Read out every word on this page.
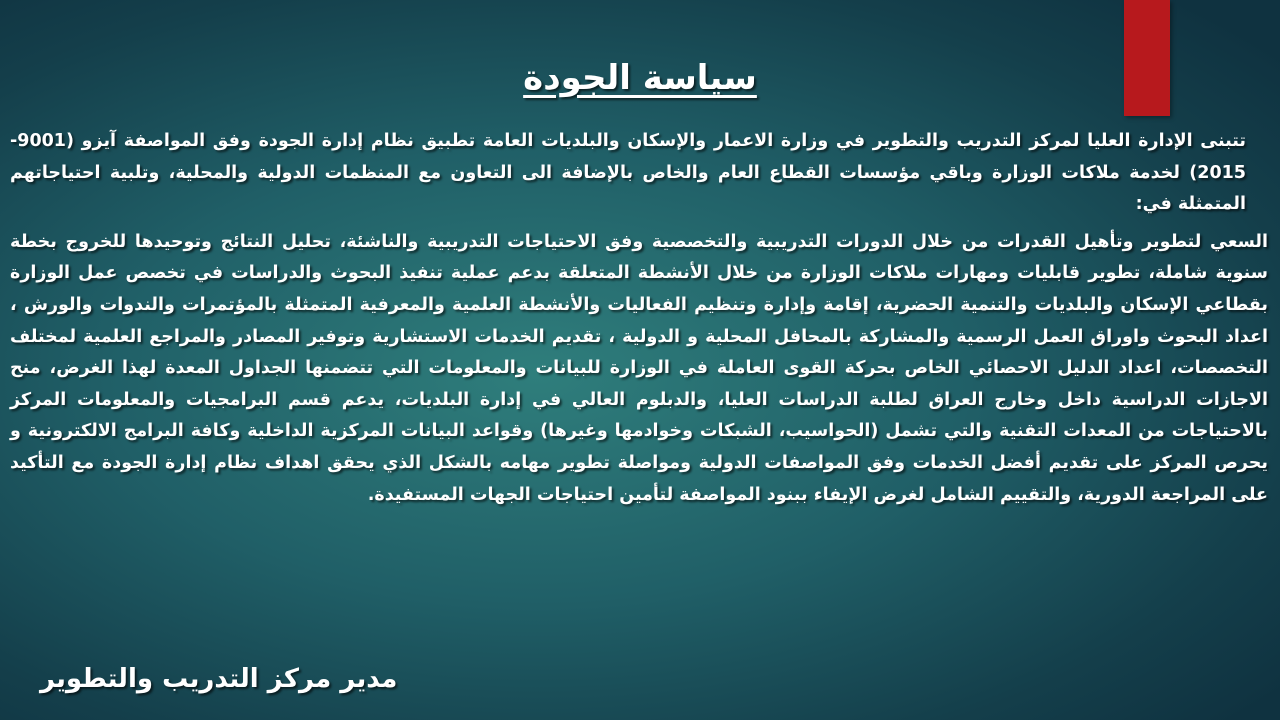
سياسة الجودة

تتبنى الإدارة العليا لمركز التدريب والتطوير في وزارة الاعمار والإسكان والبلديات العامة تطبيق نظام إدارة الجودة وفق المواصفة آيزو (9001-2015) لخدمة ملاكات الوزارة وباقي مؤسسات القطاع العام والخاص بالإضافة الى التعاون مع المنظمات الدولية والمحلية، وتلبية احتياجاتهم المتمثلة في:

السعي لتطوير وتأهيل القدرات من خلال الدورات التدريبية والتخصصية وفق الاحتياجات التدريبية والناشئة، تحليل النتائج وتوحيدها للخروج بخطة سنوية شاملة، تطوير قابليات ومهارات ملاكات الوزارة من خلال الأنشطة المتعلقة بدعم عملية تنفيذ البحوث والدراسات في تخصص عمل الوزارة بقطاعي الإسكان والبلديات والتنمية الحضرية، إقامة وإدارة وتنظيم الفعاليات والأنشطة العلمية والمعرفية المتمثلة بالمؤتمرات والندوات والورش ، اعداد البحوث واوراق العمل الرسمية والمشاركة بالمحافل المحلية و الدولية ، تقديم الخدمات الاستشارية وتوفير المصادر والمراجع العلمية لمختلف التخصصات، اعداد الدليل الاحصائي الخاص بحركة القوى العاملة في الوزارة للبيانات والمعلومات التي تتضمنها الجداول المعدة لهذا الغرض، منح الاجازات الدراسية داخل وخارج العراق لطلبة الدراسات العليا، والدبلوم العالي في إدارة البلديات، يدعم قسم البرامجيات والمعلومات المركز بالاحتياجات من المعدات التقنية والتي تشمل (الحواسيب، الشبكات وخوادمها وغيرها) وقواعد البيانات المركزية الداخلية وكافة البرامج الالكترونية و يحرص المركز على تقديم أفضل الخدمات وفق المواصفات الدولية ومواصلة تطوير مهامه بالشكل الذي يحقق اهداف نظام إدارة الجودة مع التأكيد على المراجعة الدورية، والتقييم الشامل لغرض الإيفاء ببنود المواصفة لتأمين احتياجات الجهات المستفيدة.

مدير مركز التدريب والتطوير
